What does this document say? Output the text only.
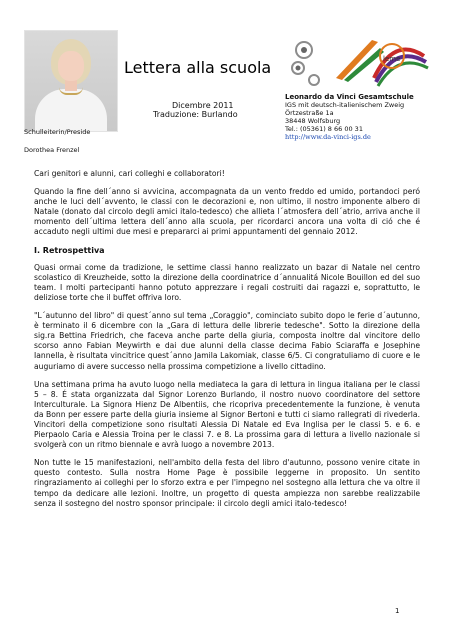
Lettera alla scuola
Dicembre 2011
Traduzione: Burlando
leme
Leonardo da Vinci Gesamtschule
IGS mit deutsch-italienischem Zweig
Örtzestraße 1a
38448 Wolfsburg
Tel.: (05361) 8 66 00 31
http://www.da-vinci-igs.de
Schulleiterin/Preside
Dorothea Frenzel

Cari genitori e alunni, cari colleghi e collaboratori!

Quando la fine dell´anno si avvicina, accompagnata da un vento freddo ed umido, portandoci peró anche le luci dell´avvento, le classi con le decorazioni e, non ultimo, il nostro imponente albero di Natale (donato dal circolo degli amici italo-tedesco) che allieta l´atmosfera dell´atrio, arriva anche il momento dell´ultima lettera dell´anno alla scuola, per ricordarci ancora una volta di ció che é accaduto negli ultimi due mesi e prepararci ai primi appuntamenti del gennaio 2012.

I. Retrospettiva

Quasi ormai come da tradizione, le settime classi hanno realizzato un bazar di Natale nel centro scolastico di Kreuzheide, sotto la direzione della coordinatrice d´annualitá Nicole Bouillon ed del suo team. I molti partecipanti hanno potuto apprezzare i regali costruiti dai ragazzi e, soprattutto, le deliziose torte che il buffet offriva loro.

"L´autunno del libro" di quest´anno sul tema „Coraggio", cominciato subito dopo le ferie d´autunno, è terminato il 6 dicembre con la „Gara di lettura delle librerie tedesche". Sotto la direzione della sig.ra Bettina Friedrich, che faceva anche parte della giuria, composta inoltre dal vincitore dello scorso anno Fabian Meywirth e dai due alunni della classe decima Fabio Sciaraffa e Josephine Iannella, è risultata vincitrice quest´anno Jamila Lakomiak, classe 6/5. Ci congratuliamo di cuore e le auguriamo di avere successo nella prossima competizione a livello cittadino.

Una settimana prima ha avuto luogo nella mediateca la gara di lettura in lingua italiana per le classi 5 – 8. É stata organizzata dal Signor Lorenzo Burlando, il nostro nuovo coordinatore del settore Interculturale. La Signora Hienz De Albentiis, che ricopriva precedentemente la funzione, è venuta da Bonn per essere parte della giuria insieme al Signor Bertoni e tutti ci siamo rallegrati di rivederla. Vincitori della competizione sono risultati Alessia Di Natale ed Eva Inglisa per le classi 5. e 6. e Pierpaolo Caria e Alessia Troina per le classi 7. e 8. La prossima gara di lettura a livello nazionale si svolgerà con un ritmo biennale e avrà luogo a novembre 2013.

Non tutte le 15 manifestazioni, nell'ambito della festa del libro d'autunno, possono venire citate in questo contesto. Sulla nostra Home Page è possibile leggerne in proposito. Un sentito ringraziamento ai colleghi per lo sforzo extra e per l'impegno nel sostegno alla lettura che va oltre il tempo da dedicare alle lezioni. Inoltre, un progetto di questa ampiezza non sarebbe realizzabile senza il sostegno del nostro sponsor principale: il circolo degli amici italo-tedesco!

1
